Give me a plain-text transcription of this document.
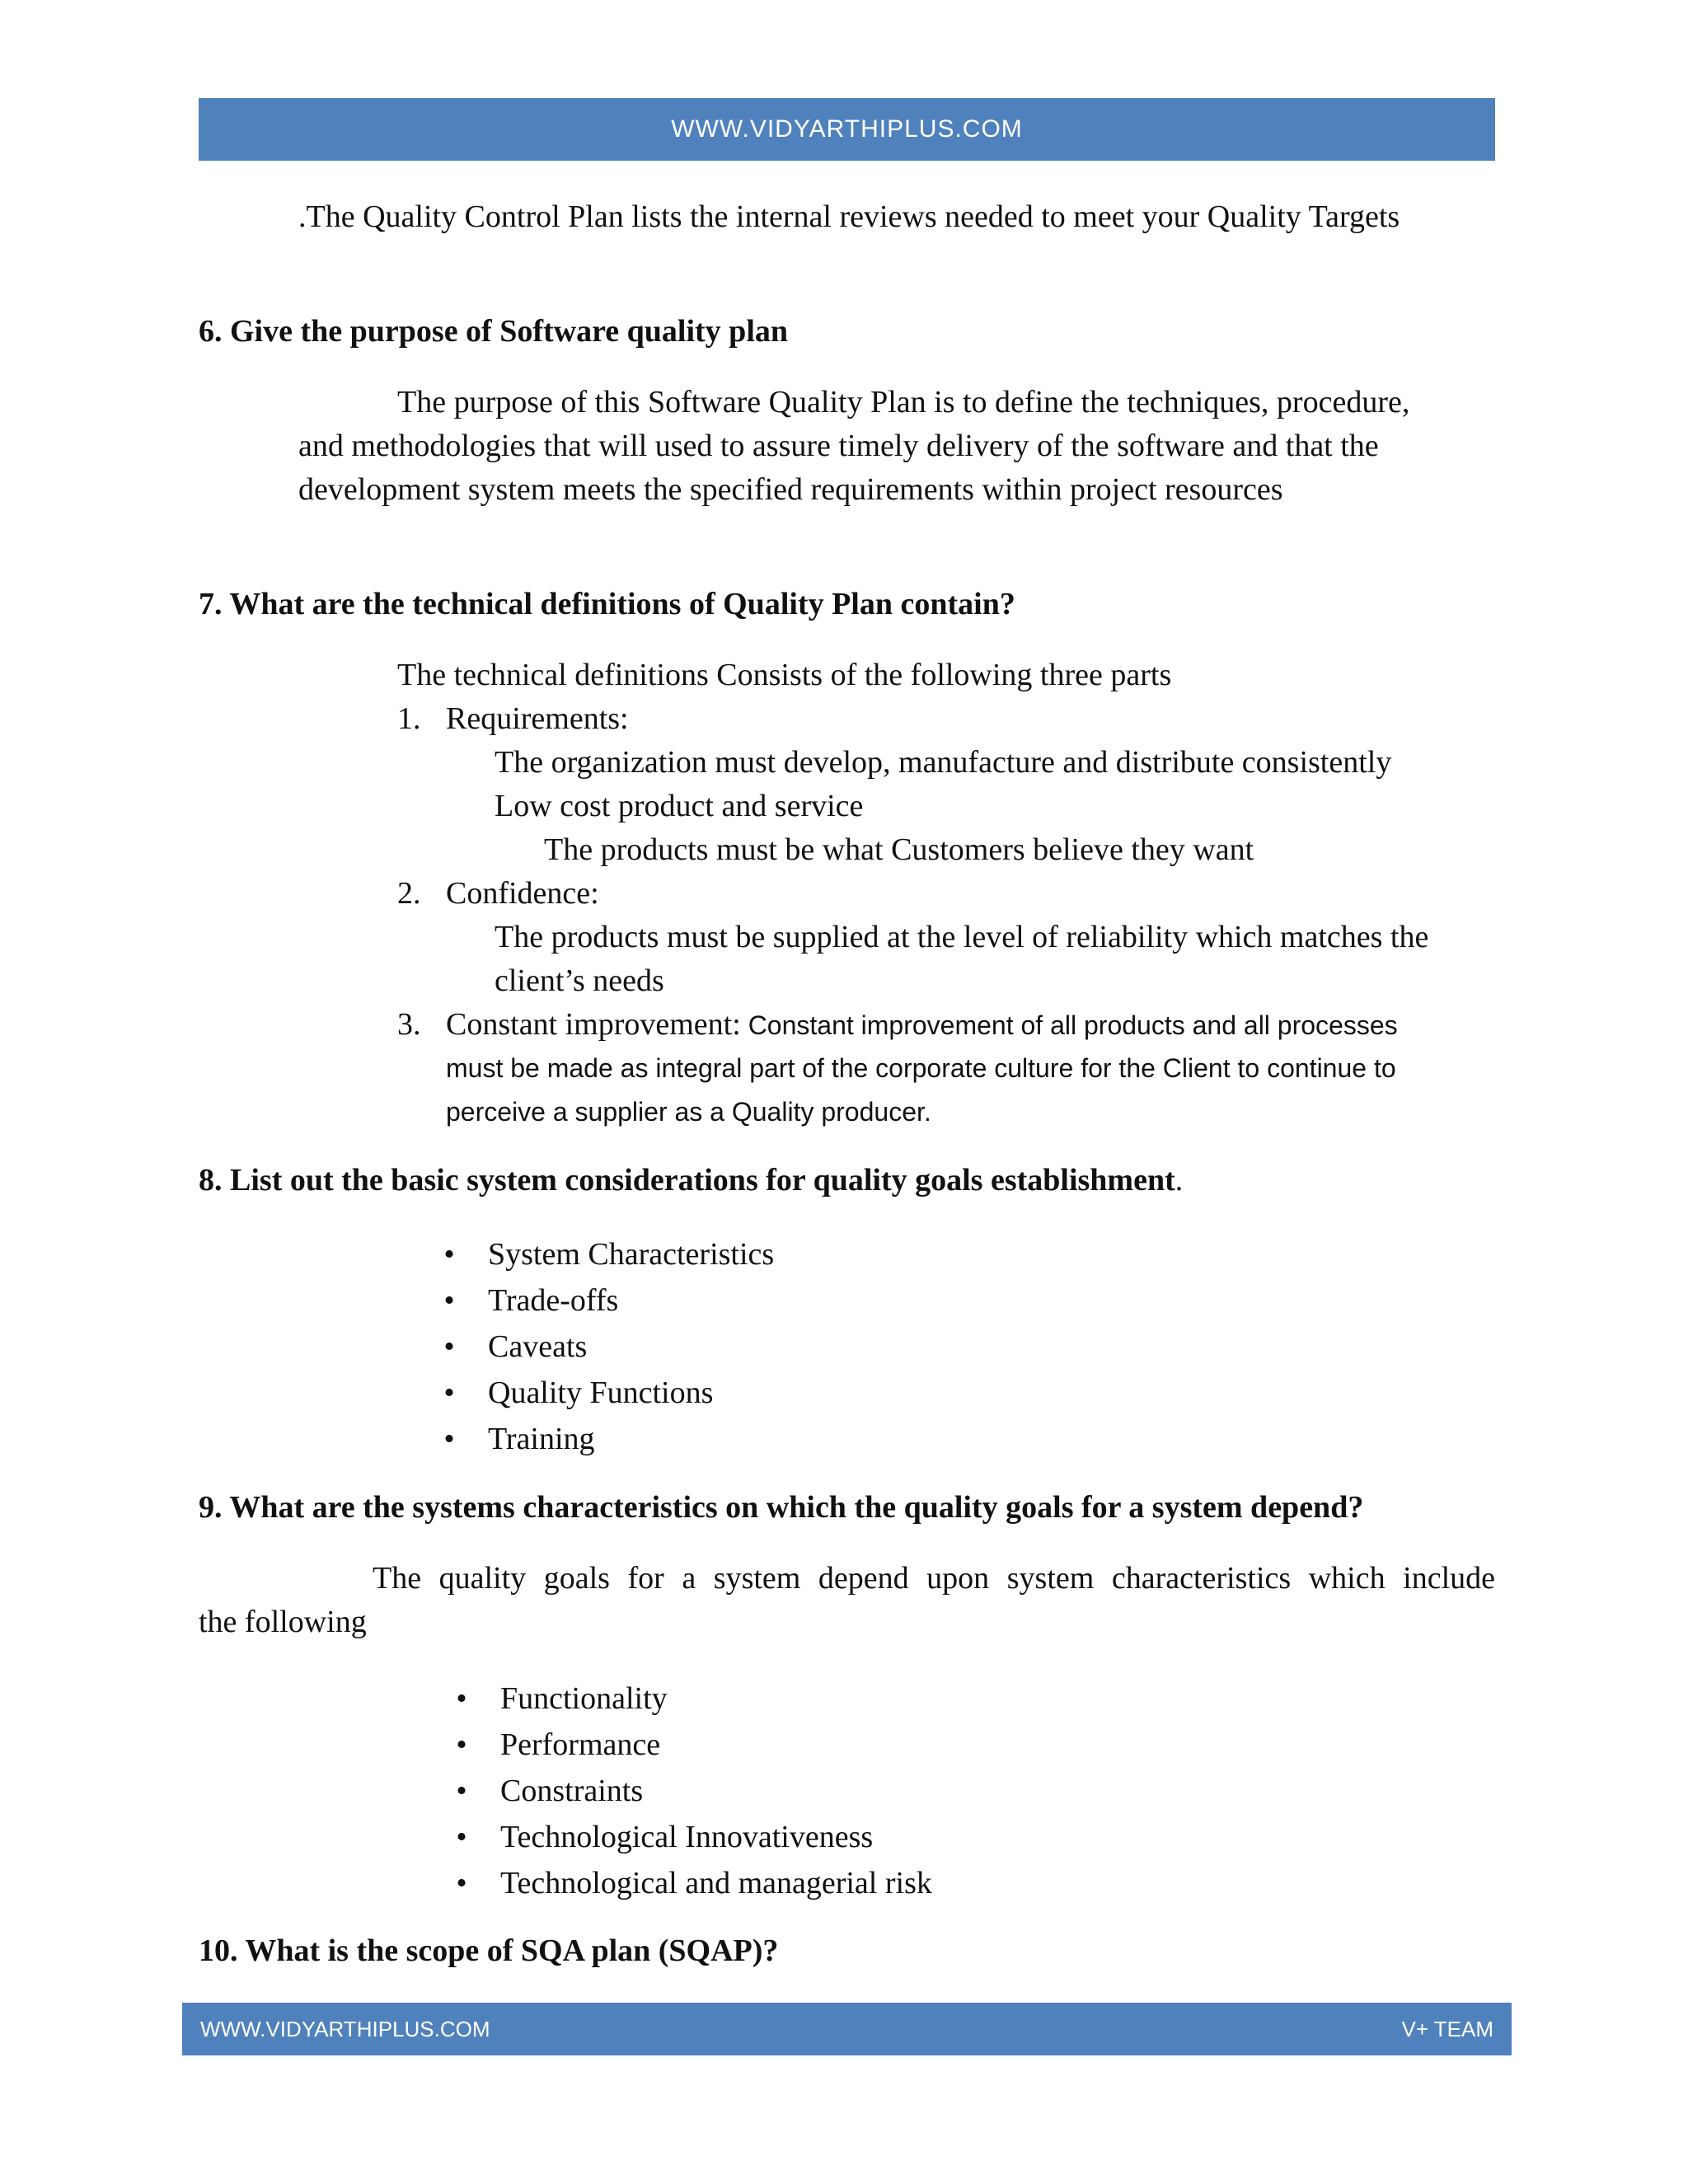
WWW.VIDYARTHIPLUS.COM

.The Quality Control Plan lists the internal reviews needed to meet your Quality Targets

6. Give the purpose of Software quality plan

The purpose of this Software Quality Plan is to define the techniques, procedure,

and methodologies that will used to assure timely delivery of the software and that the

development system meets the specified requirements within project resources

7. What are the technical definitions of Quality Plan contain?

The technical definitions Consists of the following three parts

1. Requirements:

The organization must develop, manufacture and distribute consistently

Low cost product and service

The products must be what Customers believe they want

2. Confidence:

The products must be supplied at the level of reliability which matches the

client’s needs

3. Constant improvement: Constant improvement of all products and all processes

must be made as integral part of the corporate culture for the Client to continue to

perceive a supplier as a Quality producer.

8. List out the basic system considerations for quality goals establishment.

• System Characteristics
• Trade-offs
• Caveats
• Quality Functions
• Training

9. What are the systems characteristics on which the quality goals for a system depend?

The quality goals for a system depend upon system characteristics which include

the following

• Functionality
• Performance
• Constraints
• Technological Innovativeness
• Technological and managerial risk

10. What is the scope of SQA plan (SQAP)?

WWW.VIDYARTHIPLUS.COM	V+ TEAM
